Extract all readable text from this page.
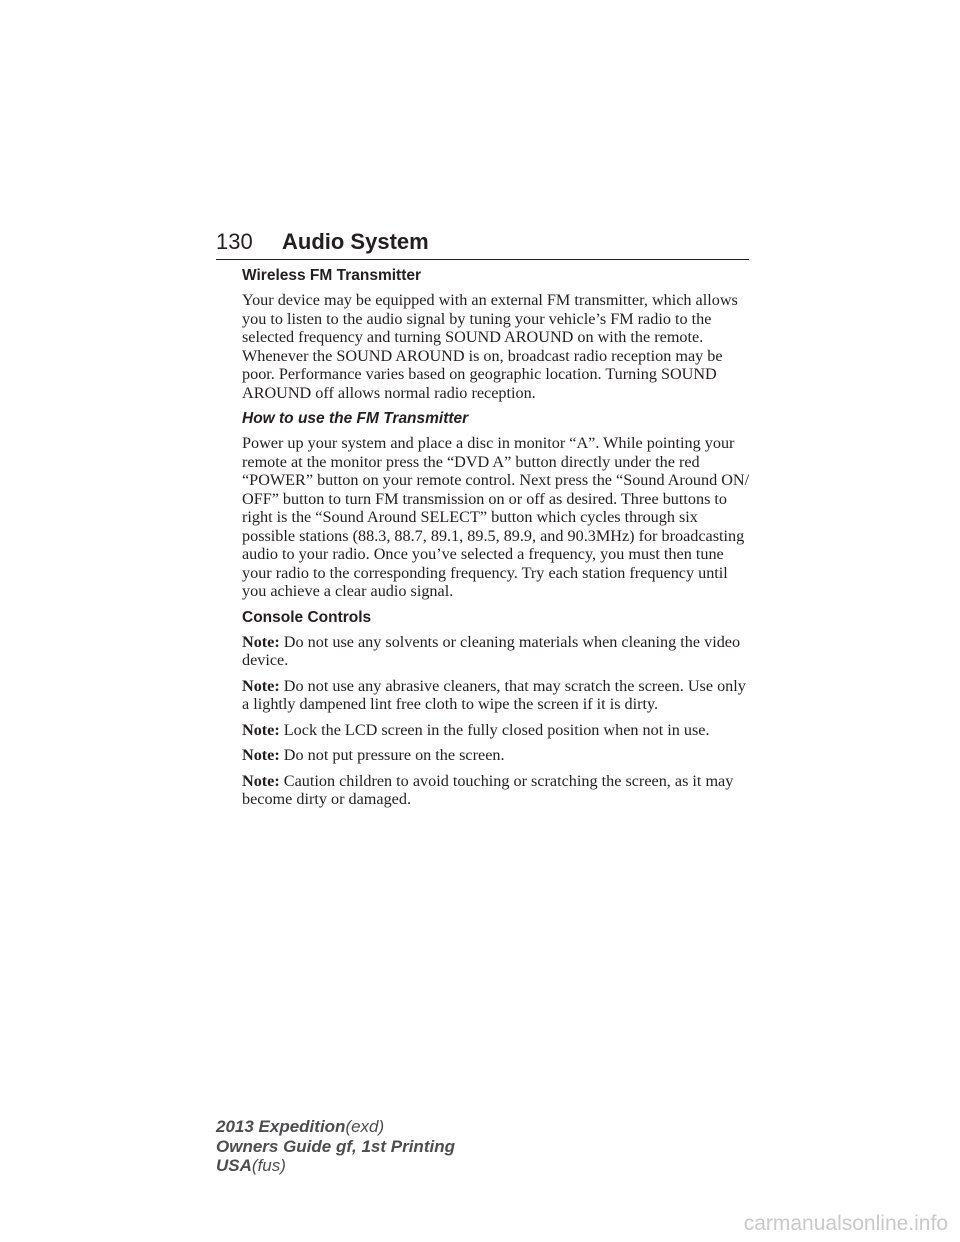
130 Audio System
Wireless FM Transmitter

Your device may be equipped with an external FM transmitter, which allows you to listen to the audio signal by tuning your vehicle’s FM radio to the selected frequency and turning SOUND AROUND on with the remote. Whenever the SOUND AROUND is on, broadcast radio reception may be poor. Performance varies based on geographic location. Turning SOUND AROUND off allows normal radio reception.

How to use the FM Transmitter

Power up your system and place a disc in monitor “A”. While pointing your remote at the monitor press the “DVD A” button directly under the red “POWER” button on your remote control. Next press the “Sound Around ON/ OFF” button to turn FM transmission on or off as desired. Three buttons to right is the “Sound Around SELECT” button which cycles through six possible stations (88.3, 88.7, 89.1, 89.5, 89.9, and 90.3MHz) for broadcasting audio to your radio. Once you’ve selected a frequency, you must then tune your radio to the corresponding frequency. Try each station frequency until you achieve a clear audio signal.

Console Controls

Note: Do not use any solvents or cleaning materials when cleaning the video device.

Note: Do not use any abrasive cleaners, that may scratch the screen. Use only a lightly dampened lint free cloth to wipe the screen if it is dirty.

Note: Lock the LCD screen in the fully closed position when not in use.

Note: Do not put pressure on the screen.

Note: Caution children to avoid touching or scratching the screen, as it may become dirty or damaged.

2013 Expedition(exd)
Owners Guide gf, 1st Printing
USA(fus)
carmanualsonline.info
